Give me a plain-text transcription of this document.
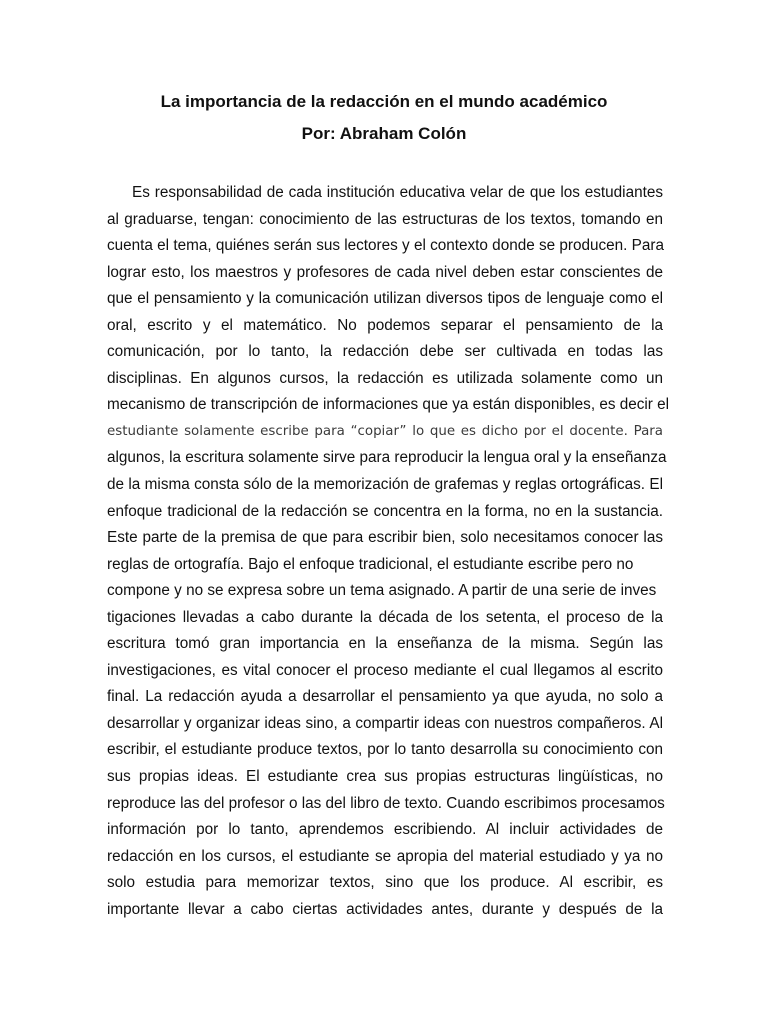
La importancia de la redacción en el mundo académico
Por: Abraham Colón
Es responsabilidad de cada institución educativa velar de que los estudiantes
al graduarse, tengan: conocimiento de las estructuras de los textos, tomando en
cuenta el tema, quiénes serán sus lectores y el contexto donde se producen. Para
lograr esto, los maestros y profesores de cada nivel deben estar conscientes de
que el pensamiento y la comunicación utilizan diversos tipos de lenguaje como el
oral, escrito y el matemático. No podemos separar el pensamiento de la
comunicación, por lo tanto, la redacción debe ser cultivada en todas las
disciplinas. En algunos cursos, la redacción es utilizada solamente como un
mecanismo de transcripción de informaciones que ya están disponibles, es decir el
estudiante solamente escribe para “copiar” lo que es dicho por el docente. Para
algunos, la escritura solamente sirve para reproducir la lengua oral y la enseñanza
de la misma consta sólo de la memorización de grafemas y reglas ortográficas. El
enfoque tradicional de la redacción se concentra en la forma, no en la sustancia.
Este parte de la premisa de que para escribir bien, solo necesitamos conocer las
reglas de ortografía. Bajo el enfoque tradicional, el estudiante escribe pero no
compone y no se expresa sobre un tema asignado. A partir de una serie de inves
tigaciones llevadas a cabo durante la década de los setenta, el proceso de la
escritura tomó gran importancia en la enseñanza de la misma. Según las
investigaciones, es vital conocer el proceso mediante el cual llegamos al escrito
final. La redacción ayuda a desarrollar el pensamiento ya que ayuda, no solo a
desarrollar y organizar ideas sino, a compartir ideas con nuestros compañeros. Al
escribir, el estudiante produce textos, por lo tanto desarrolla su conocimiento con
sus propias ideas. El estudiante crea sus propias estructuras lingüísticas, no
reproduce las del profesor o las del libro de texto. Cuando escribimos procesamos
información por lo tanto, aprendemos escribiendo. Al incluir actividades de
redacción en los cursos, el estudiante se apropia del material estudiado y ya no
solo estudia para memorizar textos, sino que los produce. Al escribir, es
importante llevar a cabo ciertas actividades antes, durante y después de la
